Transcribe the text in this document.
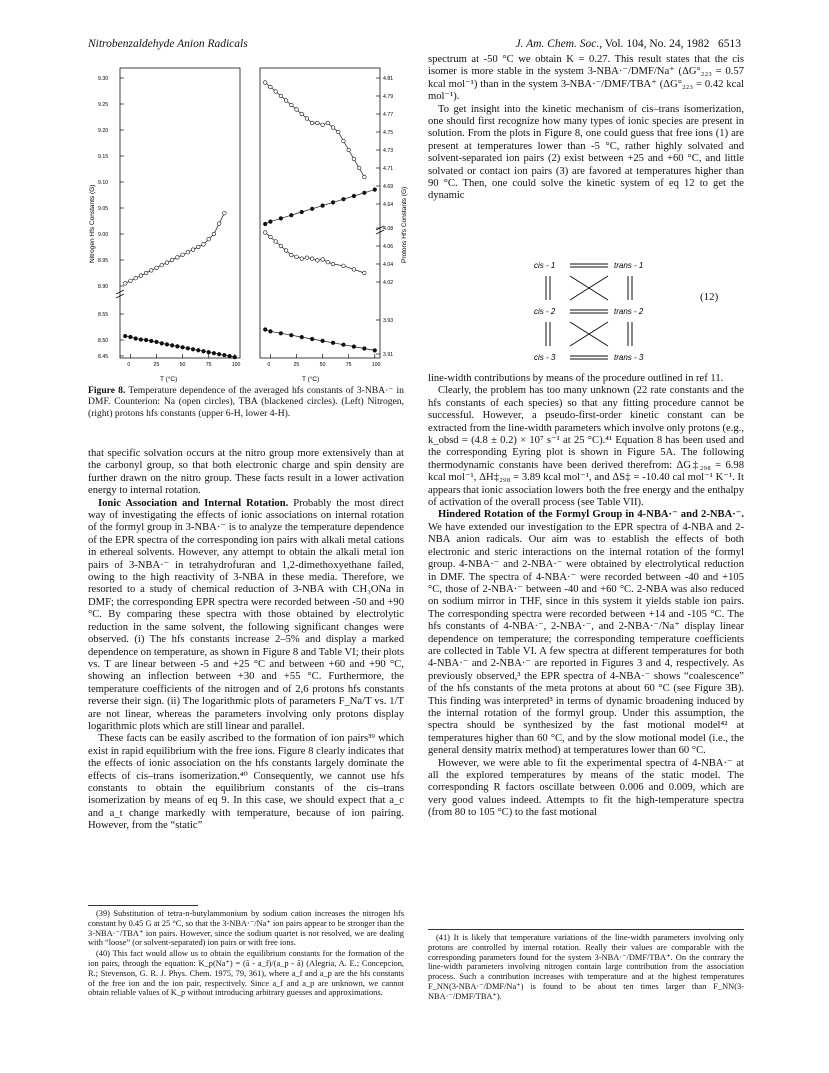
Nitrobenzaldehyde Anion Radicals	J. Am. Chem. Soc., Vol. 104, No. 24, 1982 6513
9.30
9.25
9.20
9.15
9.10
9.05
9.00
8.95
8.90
8.55
8.50
8.45
4.81
4.79
4.77
4.75
4.73
4.71
4.69
4.64
4.08
4.06
4.04
4.02
3.93
3.91
0	25	50	75	100	0	25	50	75	100
Nitrogen Hfs Constants (G)	Protons Hfs Constants (G)
T (°C)	T (°C)
Figure 8. Temperature dependence of the averaged hfs constants of 3-NBA·⁻ in DMF. Counterion: Na (open circles), TBA (blackened circles). (Left) Nitrogen, (right) protons hfs constants (upper 6-H, lower 4-H).

that specific solvation occurs at the nitro group more extensively than at the carbonyl group, so that both electronic charge and spin density are further drawn on the nitro group. These facts result in a lower activation energy to internal rotation.

Ionic Association and Internal Rotation. Probably the most direct way of investigating the effects of ionic associations on internal rotation of the formyl group in 3-NBA·⁻ is to analyze the temperature dependence of the EPR spectra of the corresponding ion pairs with alkali metal cations in ethereal solvents. However, any attempt to obtain the alkali metal ion pairs of 3-NBA·⁻ in tetrahydrofuran and 1,2-dimethoxyethane failed, owing to the high reactivity of 3-NBA in these media. Therefore, we resorted to a study of chemical reduction of 3-NBA with CH₃ONa in DMF; the corresponding EPR spectra were recorded between -50 and +90 °C. By comparing these spectra with those obtained by electrolytic reduction in the same solvent, the following significant changes were observed. (i) The hfs constants increase 2–5% and display a marked dependence on temperature, as shown in Figure 8 and Table VI; their plots vs. T are linear between -5 and +25 °C and between +60 and +90 °C, showing an inflection between +30 and +55 °C. Furthermore, the temperature coefficients of the nitrogen and of 2,6 protons hfs constants reverse their sign. (ii) The logarithmic plots of parameters F_Na/T vs. 1/T are not linear, whereas the parameters involving only protons display logarithmic plots which are still linear and parallel.

These facts can be easily ascribed to the formation of ion pairs³⁹ which exist in rapid equilibrium with the free ions. Figure 8 clearly indicates that the effects of ionic association on the hfs constants largely dominate the effects of cis–trans isomerization.⁴⁰ Consequently, we cannot use hfs constants to obtain the equilibrium constants of the cis–trans isomerization by means of eq 9. In this case, we should expect that a_c and a_t change markedly with temperature, because of ion pairing. However, from the “static”

spectrum at -50 °C we obtain K = 0.27. This result states that the cis isomer is more stable in the system 3-NBA·⁻/DMF/Na⁺ (ΔG°₂₂₃ = 0.57 kcal mol⁻¹) than in the system 3-NBA·⁻/DMF/TBA⁺ (ΔG°₂₂₃ = 0.42 kcal mol⁻¹).

To get insight into the kinetic mechanism of cis–trans isomerization, one should first recognize how many types of ionic species are present in solution. From the plots in Figure 8, one could guess that free ions (1) are present at temperatures lower than -5 °C, rather highly solvated and solvent-separated ion pairs (2) exist between +25 and +60 °C, and little solvated or contact ion pairs (3) are favored at temperatures higher than 90 °C. Then, one could solve the kinetic system of eq 12 to get the dynamic

cis - 1	trans - 1
cis - 2	trans - 2
cis - 3	trans - 3
(12)

line-width contributions by means of the procedure outlined in ref 11.

Clearly, the problem has too many unknown (22 rate constants and the hfs constants of each species) so that any fitting procedure cannot be successful. However, a pseudo-first-order kinetic constant can be extracted from the line-width parameters which involve only protons (e.g., k_obsd = (4.8 ± 0.2) × 10⁷ s⁻¹ at 25 °C).⁴¹ Equation 8 has been used and the corresponding Eyring plot is shown in Figure 5A. The following thermodynamic constants have been derived therefrom: ΔG‡₂₉₈ = 6.98 kcal mol⁻¹, ΔH‡₂₉₈ = 3.89 kcal mol⁻¹, and ΔS‡ = -10.40 cal mol⁻¹ K⁻¹. It appears that ionic association lowers both the free energy and the enthalpy of activation of the overall process (see Table VII).

Hindered Rotation of the Formyl Group in 4-NBA·⁻ and 2-NBA·⁻. We have extended our investigation to the EPR spectra of 4-NBA and 2-NBA anion radicals. Our aim was to establish the effects of both electronic and steric interactions on the internal rotation of the formyl group. 4-NBA·⁻ and 2-NBA·⁻ were obtained by electrolytical reduction in DMF. The spectra of 4-NBA·⁻ were recorded between -40 and +105 °C, those of 2-NBA·⁻ between -40 and +60 °C. 2-NBA was also reduced on sodium mirror in THF, since in this system it yields stable ion pairs. The corresponding spectra were recorded between +14 and -105 °C. The hfs constants of 4-NBA·⁻, 2-NBA·⁻, and 2-NBA·⁻/Na⁺ display linear dependence on temperature; the corresponding temperature coefficients are collected in Table VI. A few spectra at different temperatures for both 4-NBA·⁻ and 2-NBA·⁻ are reported in Figures 3 and 4, respectively. As previously observed,³ the EPR spectra of 4-NBA·⁻ shows “coalescence” of the hfs constants of the meta protons at about 60 °C (see Figure 3B). This finding was interpreted³ in terms of dynamic broadening induced by the internal rotation of the formyl group. Under this assumption, the spectra should be synthesized by the fast motional model⁴² at temperatures higher than 60 °C, and by the slow motional model (i.e., the general density matrix method) at temperatures lower than 60 °C.

However, we were able to fit the experimental spectra of 4-NBA·⁻ at all the explored temperatures by means of the static model. The corresponding R factors oscillate between 0.006 and 0.009, which are very good values indeed. Attempts to fit the high-temperature spectra (from 80 to 105 °C) to the fast motional

(39) Substitution of tetra-n-butylammonium by sodium cation increases the nitrogen hfs constant by 0.45 G at 25 °C, so that the 3-NBA·⁻/Na⁺ ion pairs appear to be stronger than the 3-NBA·⁻/TBA⁺ ion pairs. However, since the sodium quartet is not resolved, we are dealing with “loose” (or solvent-separated) ion pairs or with free ions.

(40) This fact would allow us to obtain the equilibrium constants for the formation of the ion pairs, through the equation: K_p(Na⁺) = (ā - a_f)/(a_p - ā) (Alegria, A. E.; Concepcion, R.; Stevenson, G. R. J. Phys. Chem. 1975, 79, 361), where a_f and a_p are the hfs constants of the free ion and the ion pair, respectively. Since a_f and a_p are unknown, we cannot obtain reliable values of K_p without introducing arbitrary guesses and approximations.

(41) It is likely that temperature variations of the line-width parameters involving only protons are controlled by internal rotation. Really their values are comparable with the corresponding parameters found for the system 3-NBA·⁻/DMF/TBA⁺. On the contrary the line-width parameters involving nitrogen contain large contribution from the association process. Such a contribution increases with temperature and at the highest temperatures F_NN(3-NBA·⁻/DMF/Na⁺) is found to be about ten times larger than F_NN(3-NBA·⁻/DMF/TBA⁺).
